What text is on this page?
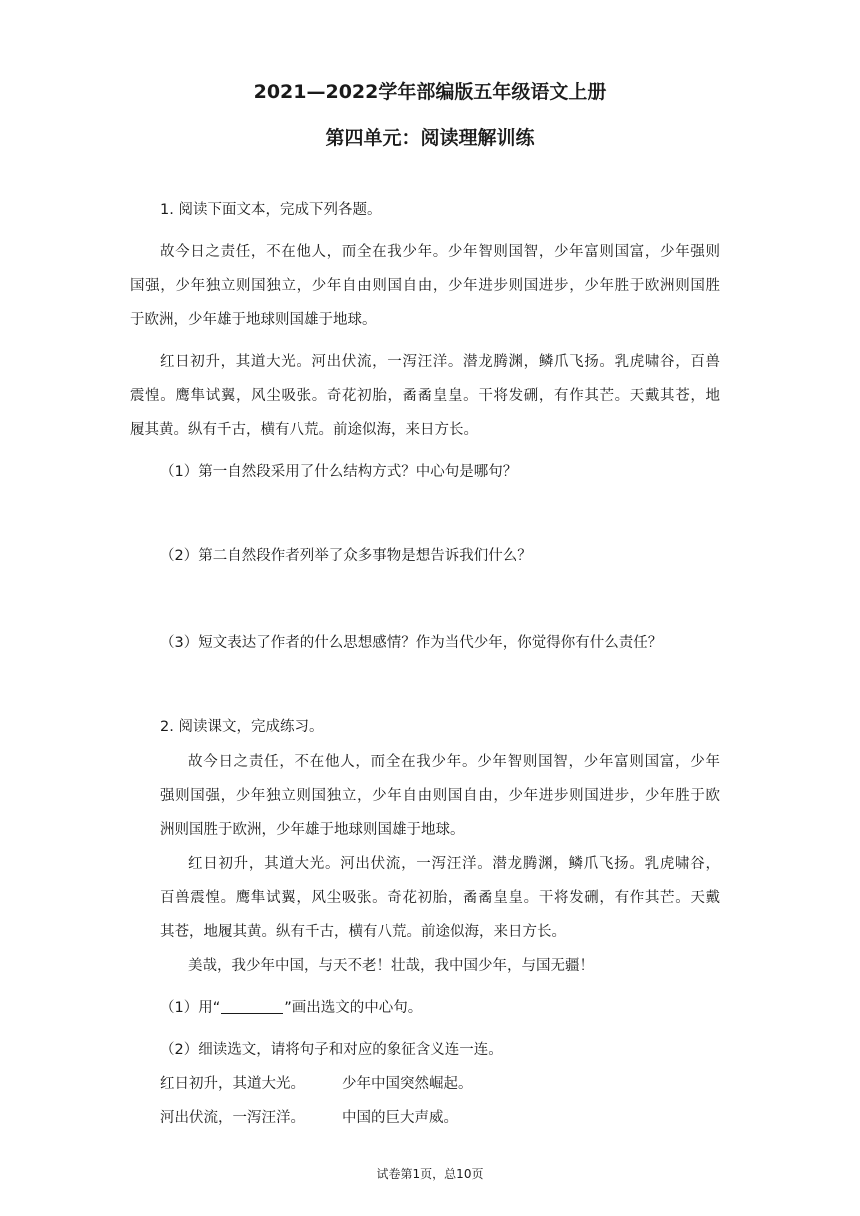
2021—2022学年部编版五年级语文上册
第四单元：阅读理解训练
1. 阅读下面文本，完成下列各题。
故今日之责任，不在他人，而全在我少年。少年智则国智，少年富则国富，少年强则
国强，少年独立则国独立，少年自由则国自由，少年进步则国进步，少年胜于欧洲则国胜
于欧洲，少年雄于地球则国雄于地球。
红日初升，其道大光。河出伏流，一泻汪洋。潜龙腾渊，鳞爪飞扬。乳虎啸谷，百兽
震惶。鹰隼试翼，风尘吸张。奇花初胎，矞矞皇皇。干将发硎，有作其芒。天戴其苍，地
履其黄。纵有千古，横有八荒。前途似海，来日方长。
（1）第一自然段采用了什么结构方式？中心句是哪句？
（2）第二自然段作者列举了众多事物是想告诉我们什么？
（3）短文表达了作者的什么思想感情？作为当代少年，你觉得你有什么责任？
2. 阅读课文，完成练习。
故今日之责任，不在他人，而全在我少年。少年智则国智，少年富则国富，少年
强则国强，少年独立则国独立，少年自由则国自由，少年进步则国进步，少年胜于欧
洲则国胜于欧洲，少年雄于地球则国雄于地球。
红日初升，其道大光。河出伏流，一泻汪洋。潜龙腾渊，鳞爪飞扬。乳虎啸谷，
百兽震惶。鹰隼试翼，风尘吸张。奇花初胎，矞矞皇皇。干将发硎，有作其芒。天戴
其苍，地履其黄。纵有千古，横有八荒。前途似海，来日方长。
美哉，我少年中国，与天不老！壮哉，我中国少年，与国无疆！
（1）用“	”画出选文的中心句。
（2）细读选文，请将句子和对应的象征含义连一连。
红日初升，其道大光。	少年中国突然崛起。
河出伏流，一泻汪洋。	中国的巨大声威。
试卷第1页，总10页
